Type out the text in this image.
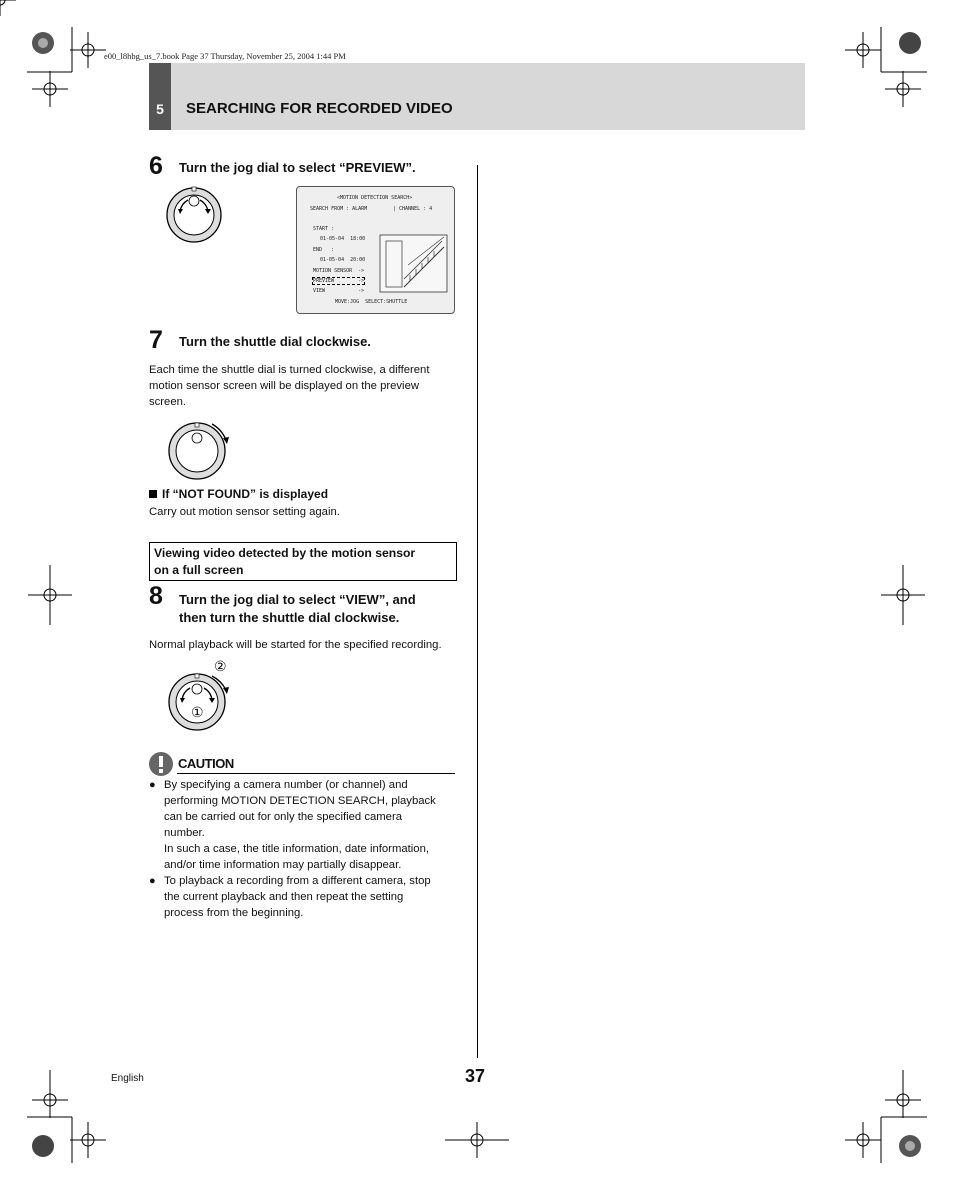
e00_l8hbg_us_7.book Page 37 Thursday, November 25, 2004 1:44 PM
5	SEARCHING FOR RECORDED VIDEO
6 Turn the jog dial to select “PREVIEW”.
<MOTION DETECTION SEARCH>
SEARCH FROM : ALARM	| CHANNEL : 4
START :
01-05-04  18:00
END   :
01-05-04  20:00
MOTION SENSOR  ->
PREVIEW        ->
VIEW           ->
MOVE:JOG  SELECT:SHUTTLE
7 Turn the shuttle dial clockwise.
Each time the shuttle dial is turned clockwise, a different
motion sensor screen will be displayed on the preview
screen.
If “NOT FOUND” is displayed
Carry out motion sensor setting again.
Viewing video detected by the motion sensor
on a full screen
8 Turn the jog dial to select “VIEW”, and
then turn the shuttle dial clockwise.
Normal playback will be started for the specified recording.
②
①
CAUTION
● By specifying a camera number (or channel) and
performing MOTION DETECTION SEARCH, playback
can be carried out for only the specified camera
number.
In such a case, the title information, date information,
and/or time information may partially disappear.
● To playback a recording from a different camera, stop
the current playback and then repeat the setting
process from the beginning.
English	37
